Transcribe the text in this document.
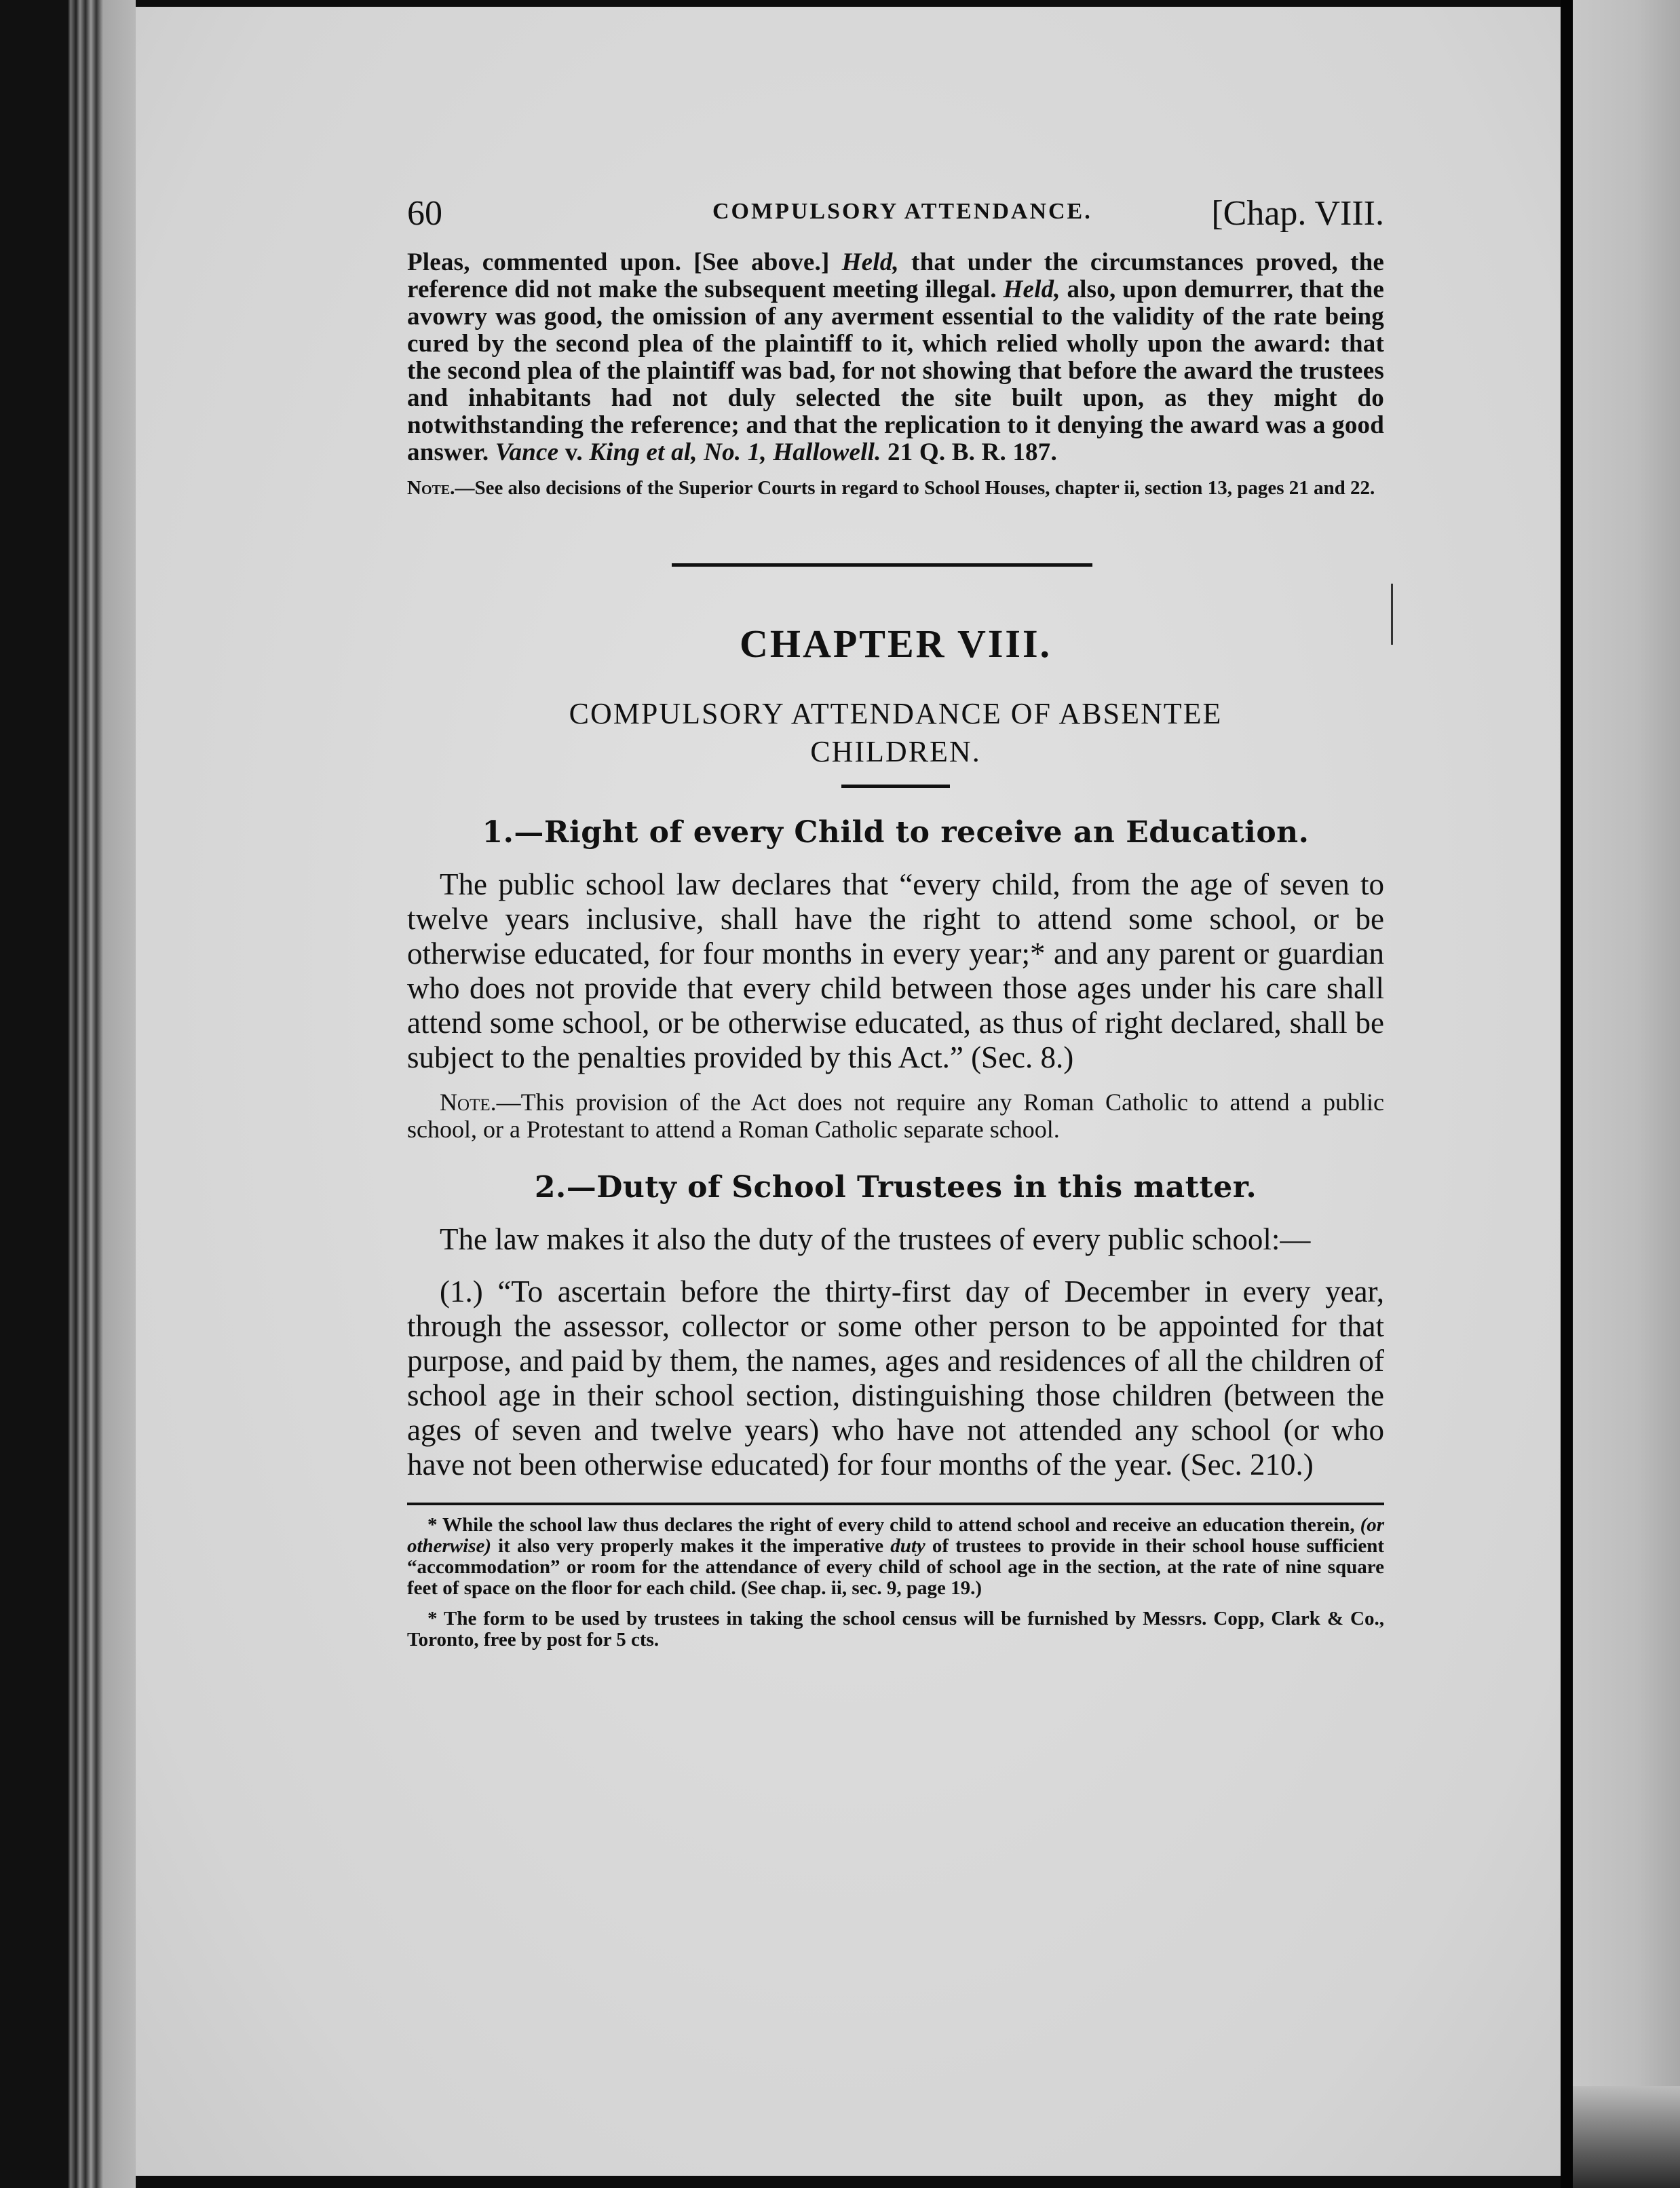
60	COMPULSORY ATTENDANCE.	[Chap. VIII.

Pleas, commented upon. [See above.] Held, that under the circumstances proved, the reference did not make the subsequent meeting illegal. Held, also, upon demurrer, that the avowry was good, the omission of any averment essential to the validity of the rate being cured by the second plea of the plaintiff to it, which relied wholly upon the award: that the second plea of the plaintiff was bad, for not showing that before the award the trustees and inhabitants had not duly selected the site built upon, as they might do notwithstanding the reference; and that the replication to it denying the award was a good answer. Vance v. King et al, No. 1, Hallowell. 21 Q. B. R. 187.

Note.—See also decisions of the Superior Courts in regard to School Houses, chapter ii, section 13, pages 21 and 22.

CHAPTER VIII.
COMPULSORY ATTENDANCE OF ABSENTEE
CHILDREN.
1.—Right of every Child to receive an Education.

The public school law declares that “every child, from the age of seven to twelve years inclusive, shall have the right to attend some school, or be otherwise educated, for four months in every year;* and any parent or guardian who does not provide that every child between those ages under his care shall attend some school, or be otherwise educated, as thus of right declared, shall be subject to the penalties provided by this Act.” (Sec. 8.)

Note.—This provision of the Act does not require any Roman Catholic to attend a public school, or a Protestant to attend a Roman Catholic separate school.

2.—Duty of School Trustees in this matter.

The law makes it also the duty of the trustees of every public school:—

(1.) “To ascertain before the thirty-first day of December in every year, through the assessor, collector or some other person to be appointed for that purpose, and paid by them, the names, ages and residences of all the children of school age in their school section, distinguishing those children (between the ages of seven and twelve years) who have not attended any school (or who have not been otherwise educated) for four months of the year. (Sec. 210.)

* While the school law thus declares the right of every child to attend school and receive an education therein, (or otherwise) it also very properly makes it the imperative duty of trustees to provide in their school house sufficient “accommodation” or room for the attendance of every child of school age in the section, at the rate of nine square feet of space on the floor for each child. (See chap. ii, sec. 9, page 19.)

* The form to be used by trustees in taking the school census will be furnished by Messrs. Copp, Clark & Co., Toronto, free by post for 5 cts.
